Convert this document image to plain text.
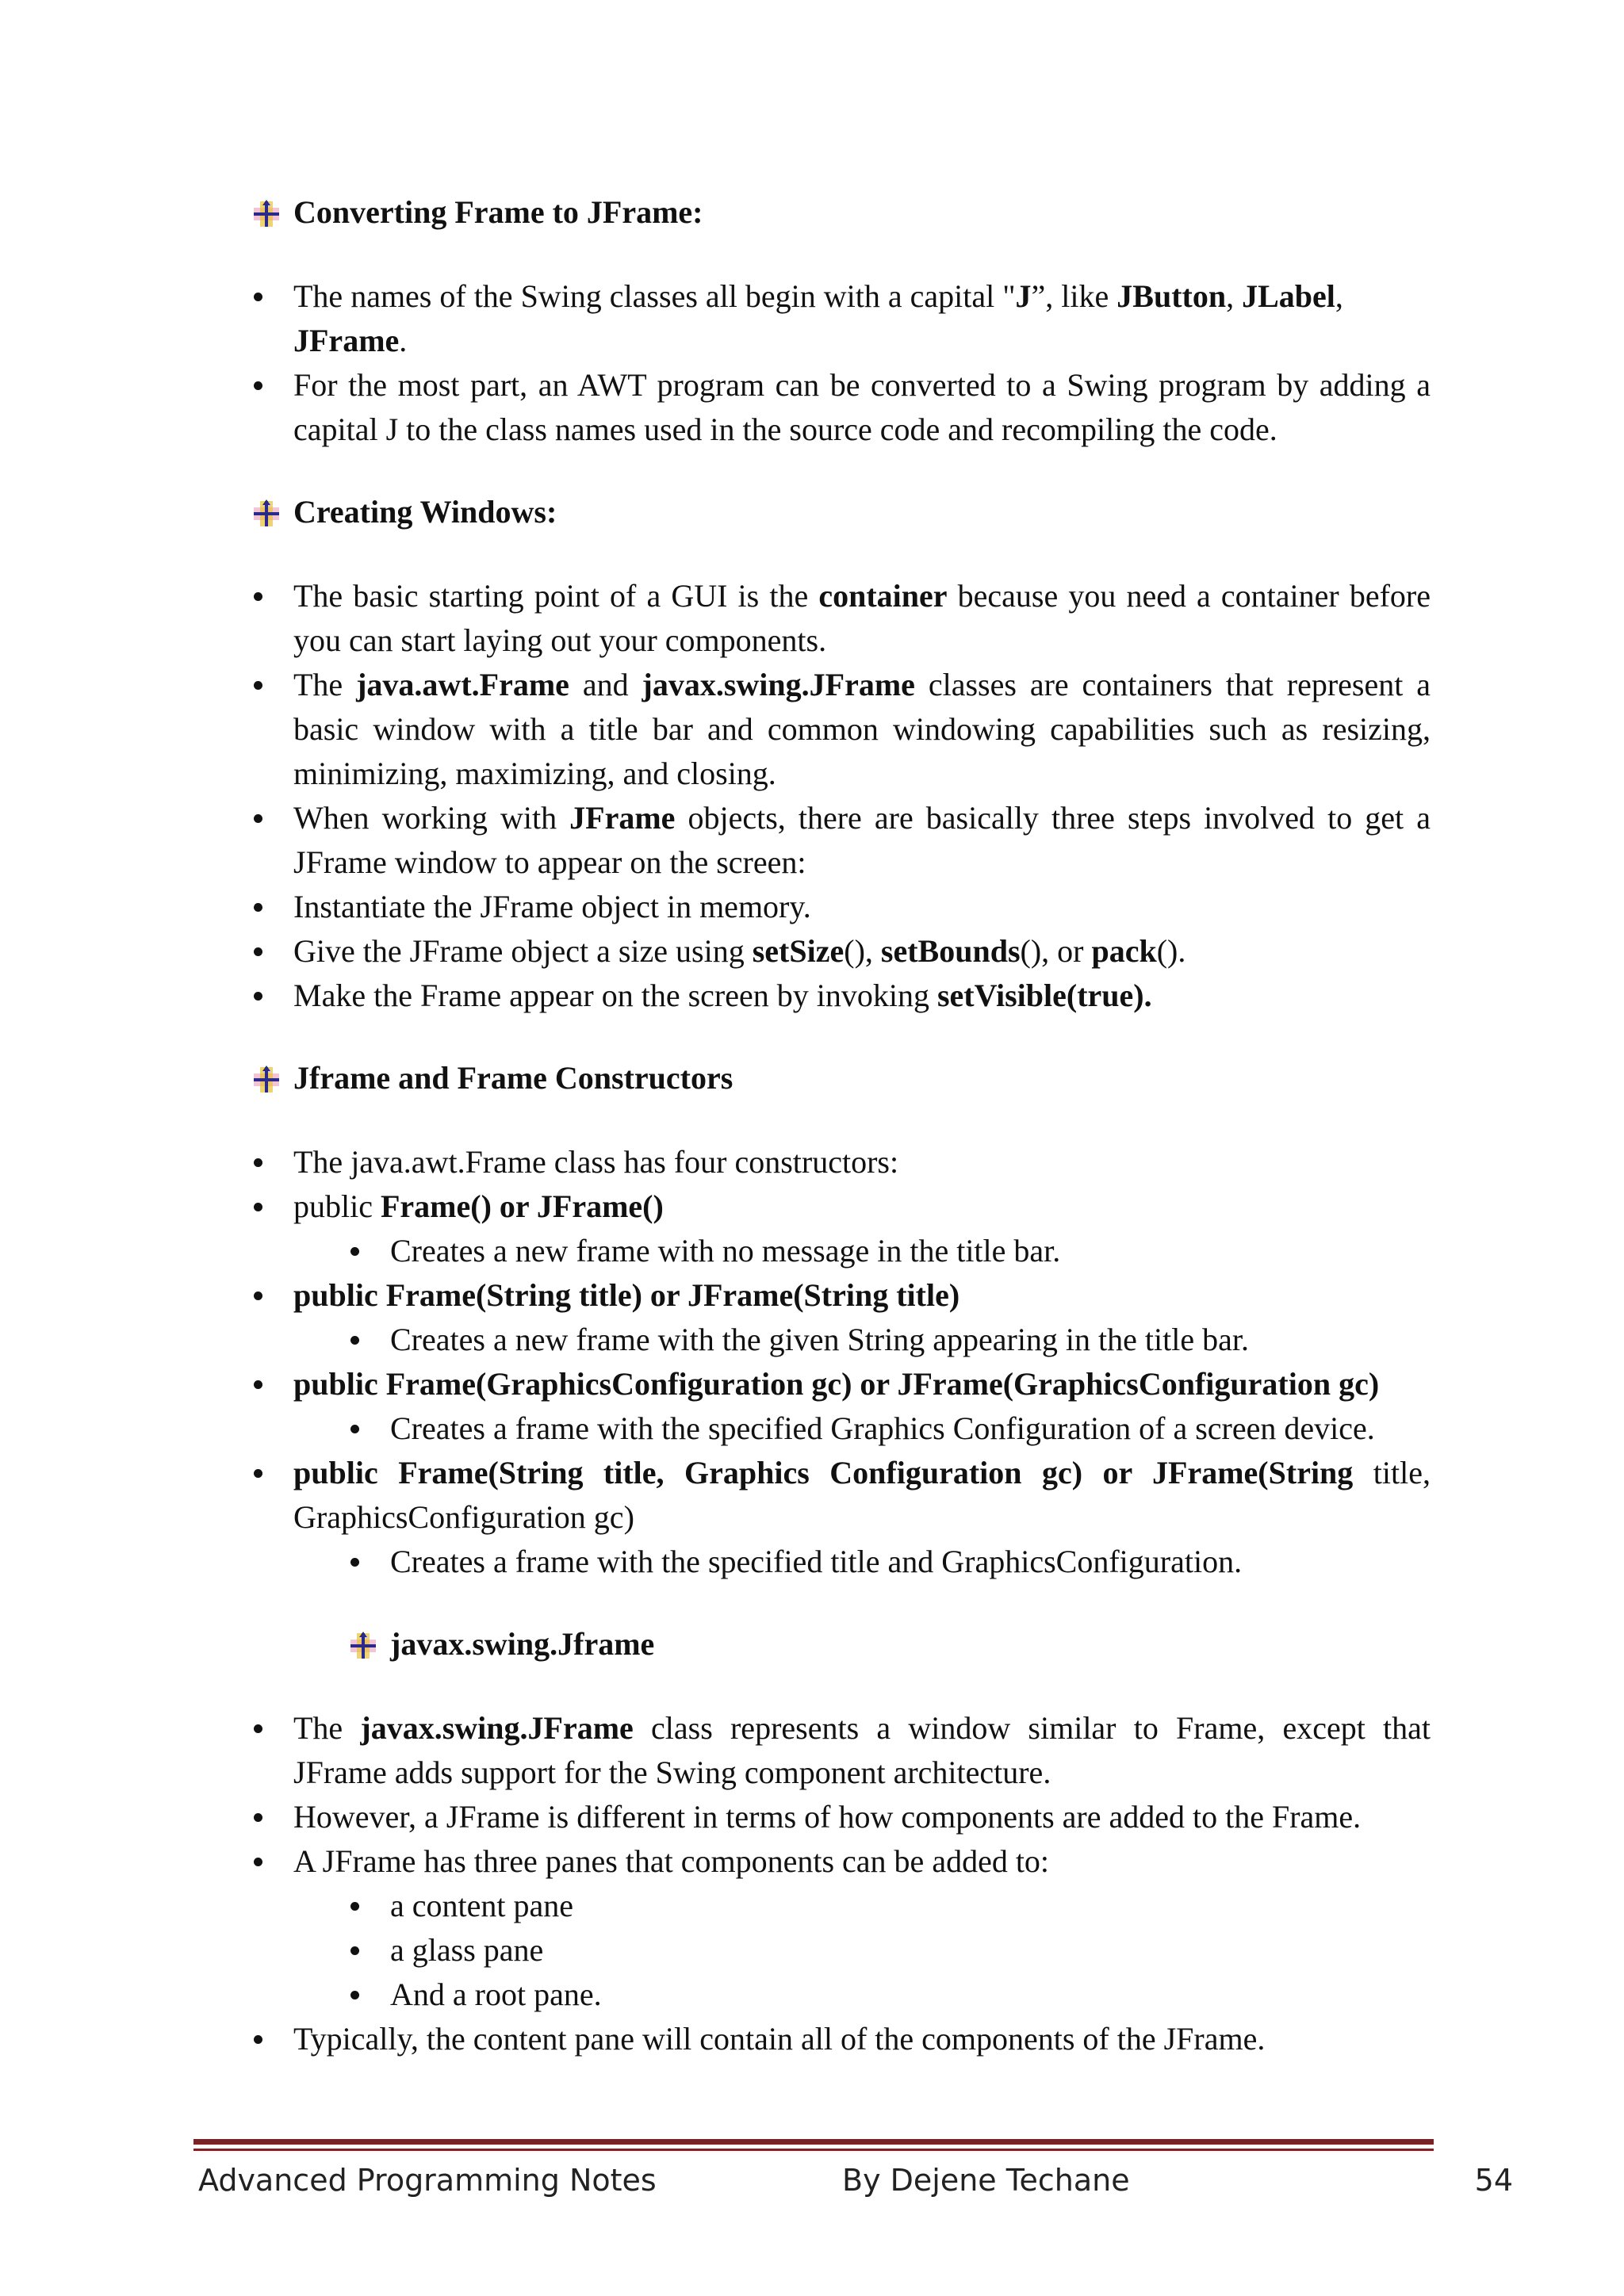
Converting Frame to JFrame:
The names of the Swing classes all begin with a capital "J”, like JButton, JLabel,
JFrame.
For the most part, an AWT program can be converted to a Swing program by adding a capital J to the class names used in the source code and recompiling the code.
Creating Windows:
The basic starting point of a GUI is the container because you need a container before you can start laying out your components.
The java.awt.Frame and javax.swing.JFrame classes are containers that represent a basic window with a title bar and common windowing capabilities such as resizing, minimizing, maximizing, and closing.
When working with JFrame objects, there are basically three steps involved to get a JFrame window to appear on the screen:
Instantiate the JFrame object in memory.
Give the JFrame object a size using setSize(), setBounds(), or pack().
Make the Frame appear on the screen by invoking setVisible(true).
Jframe and Frame Constructors
The java.awt.Frame class has four constructors:
public Frame() or JFrame()
Creates a new frame with no message in the title bar.
public Frame(String title) or JFrame(String title)
Creates a new frame with the given String appearing in the title bar.
public Frame(GraphicsConfiguration gc) or JFrame(GraphicsConfiguration gc)
Creates a frame with the specified Graphics Configuration of a screen device.
public Frame(String title, Graphics Configuration gc) or JFrame(String title, GraphicsConfiguration gc)
Creates a frame with the specified title and GraphicsConfiguration.
javax.swing.Jframe
The javax.swing.JFrame class represents a window similar to Frame, except that JFrame adds support for the Swing component architecture.
However, a JFrame is different in terms of how components are added to the Frame.
A JFrame has three panes that components can be added to:
a content pane
a glass pane
And a root pane.
Typically, the content pane will contain all of the components of the JFrame.
Advanced Programming Notes	By Dejene Techane	54
